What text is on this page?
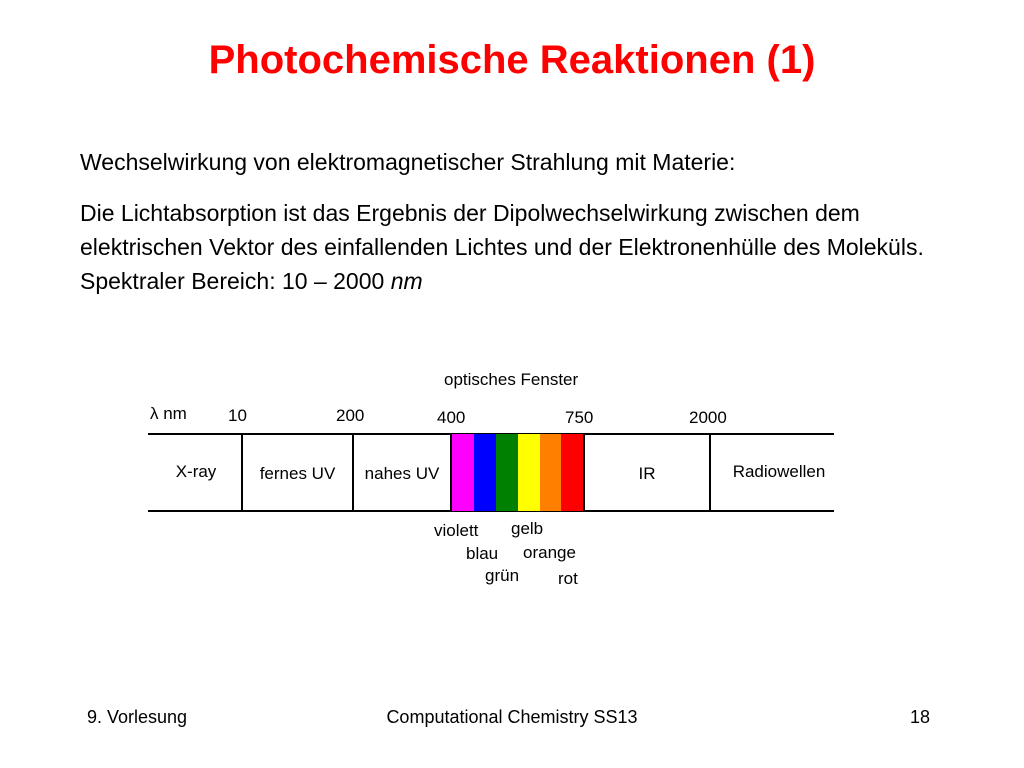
Photochemische Reaktionen (1)

Wechselwirkung von elektromagnetischer Strahlung mit Materie:

Die Lichtabsorption ist das Ergebnis der Dipolwechselwirkung zwischen dem elektrischen Vektor des einfallenden Lichtes und der Elektronenhülle des Moleküls. Spektraler Bereich: 10 – 2000 nm

optisches Fenster
λ nm 10	200	400	750	2000
X-ray	fernes UV	nahes UV	IR	Radiowellen
violett gelb
blau orange
grün rot
9. Vorlesung	Computational Chemistry SS13	18
